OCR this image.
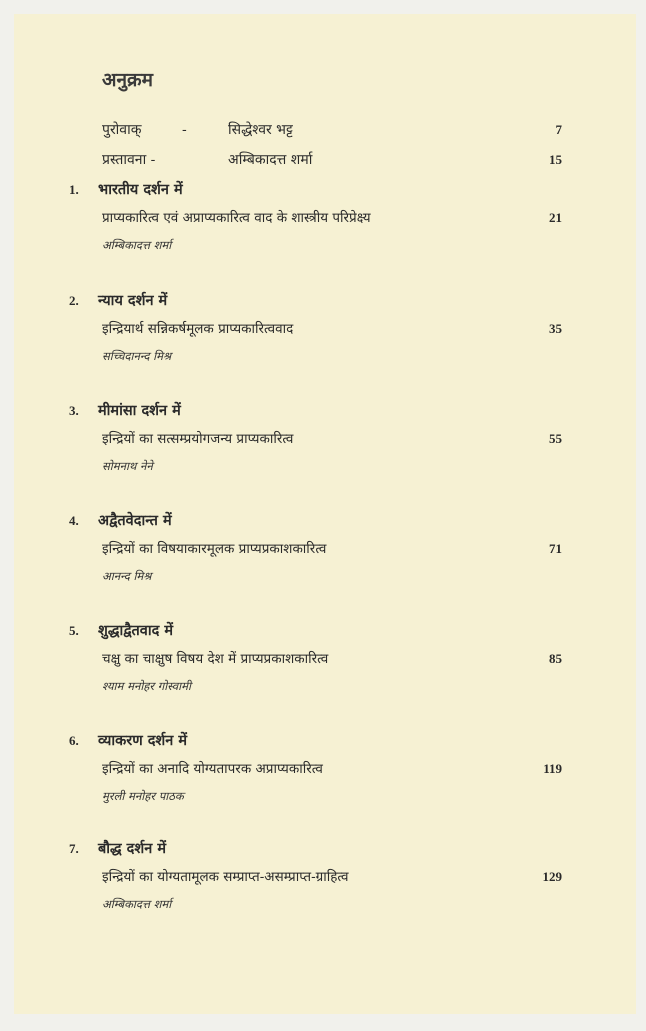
अनुक्रम
पुरोवाक्	-	सिद्धेश्वर भट्ट	7
प्रस्तावना -	अम्बिकादत्त शर्मा	15
1. भारतीय दर्शन में
प्राप्यकारित्व एवं अप्राप्यकारित्व वाद के शास्त्रीय परिप्रेक्ष्य	21
अम्बिकादत्त शर्मा
2. न्याय दर्शन में
इन्द्रियार्थ सन्निकर्षमूलक प्राप्यकारित्ववाद	35
सच्चिदानन्द मिश्र
3. मीमांसा दर्शन में
इन्द्रियों का सत्सम्प्रयोगजन्य प्राप्यकारित्व	55
सोमनाथ नेने
4. अद्वैतवेदान्त में
इन्द्रियों का विषयाकारमूलक प्राप्यप्रकाशकारित्व	71
आनन्द मिश्र
5. शुद्धाद्वैतवाद में
चक्षु का चाक्षुष विषय देश में प्राप्यप्रकाशकारित्व	85
श्याम मनोहर गोस्वामी
6. व्याकरण दर्शन में
इन्द्रियों का अनादि योग्यतापरक अप्राप्यकारित्व	119
मुरली मनोहर पाठक
7. बौद्ध दर्शन में
इन्द्रियों का योग्यतामूलक सम्प्राप्त-असम्प्राप्त-ग्राहित्व	129
अम्बिकादत्त शर्मा
